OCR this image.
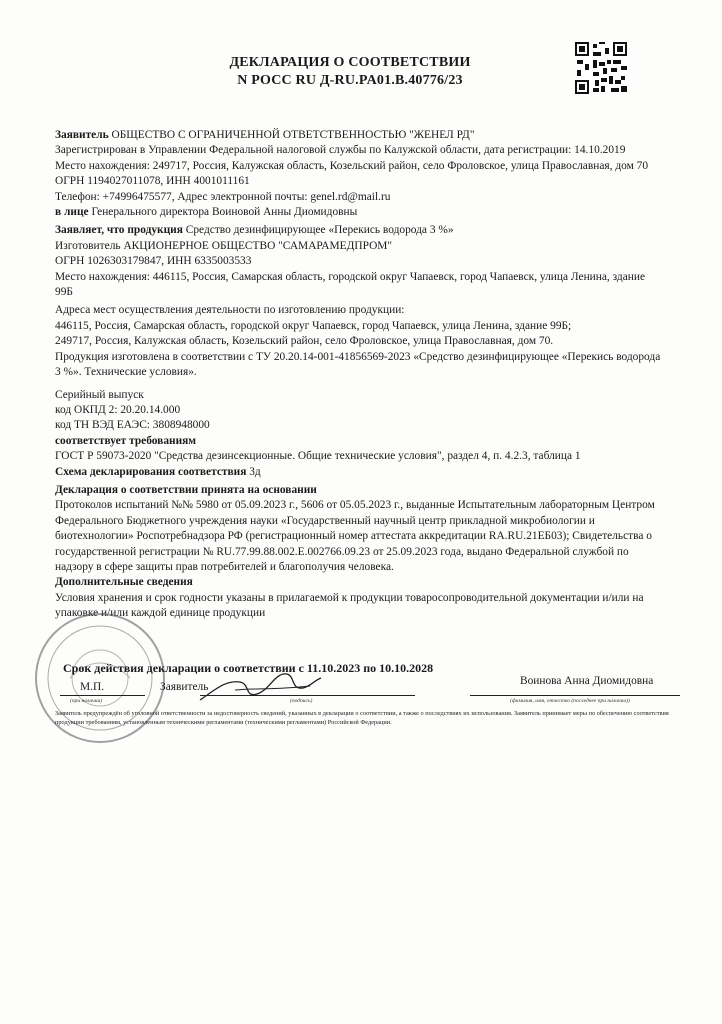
ДЕКЛАРАЦИЯ О СООТВЕТСТВИИ
N РОСС RU Д-RU.PA01.B.40776/23

Заявитель ОБЩЕСТВО С ОГРАНИЧЕННОЙ ОТВЕТСТВЕННОСТЬЮ "ЖЕНЕЛ РД"

Зарегистрирован в Управлении Федеральной налоговой службы по Калужской области, дата регистрации: 14.10.2019

Место нахождения: 249717, Россия, Калужская область, Козельский район, село Фроловское, улица Православная, дом 70

ОГРН 1194027011078, ИНН 4001011161

Телефон: +74996475577, Адрес электронной почты: genel.rd@mail.ru

в лице Генерального директора Воиновой Анны Диомидовны

Заявляет, что продукция Средство дезинфицирующее «Перекись водорода 3 %»

Изготовитель АКЦИОНЕРНОЕ ОБЩЕСТВО "САМАРАМЕДПРОМ"

ОГРН 1026303179847, ИНН 6335003533

Место нахождения: 446115, Россия, Самарская область, городской округ Чапаевск, город Чапаевск, улица Ленина, здание 99Б

Адреса мест осуществления деятельности по изготовлению продукции:

446115, Россия, Самарская область, городской округ Чапаевск, город Чапаевск, улица Ленина, здание 99Б;

249717, Россия, Калужская область, Козельский район, село Фроловское, улица Православная, дом 70.

Продукция изготовлена в соответствии с ТУ 20.20.14-001-41856569-2023 «Средство дезинфицирующее «Перекись водорода 3 %». Технические условия».

Серийный выпуск

код ОКПД 2: 20.20.14.000

код ТН ВЭД ЕАЭС: 3808948000

соответствует требованиям

ГОСТ Р 59073-2020 "Средства дезинсекционные. Общие технические условия", раздел 4, п. 4.2.3, таблица 1

Схема декларирования соответствия 3д

Декларация о соответствии принята на основании

Протоколов испытаний №№ 5980 от 05.09.2023 г., 5606 от 05.05.2023 г., выданные Испытательным лабораторным Центром Федерального Бюджетного учреждения науки «Государственный научный центр прикладной микробиологии и биотехнологии» Роспотребнадзора РФ (регистрационный номер аттестата аккредитации RA.RU.21ЕБ03); Свидетельства о государственной регистрации № RU.77.99.88.002.Е.002766.09.23 от 25.09.2023 года, выдано Федеральной службой по надзору в сфере защиты прав потребителей и благополучия человека.

Дополнительные сведения

Условия хранения и срок годности указаны в прилагаемой к продукции товаросопроводительной документации и/или на упаковке и/или каждой единице продукции

Срок действия декларации о соответствии с 11.10.2023 по 10.10.2028
М.П.	Заявитель	Воинова Анна Диомидовна
(при наличии)	(подпись)	(фамилия, имя, отчество (последнее при наличии))
Заявитель предупреждён об уголовной ответственности за недостоверность сведений, указанных в декларации о соответствии, а также о последствиях их использования. Заявитель принимает меры по обеспечению соответствия продукции требованиям, установленным техническими регламентами (техническими регламентами) Российской Федерации.
